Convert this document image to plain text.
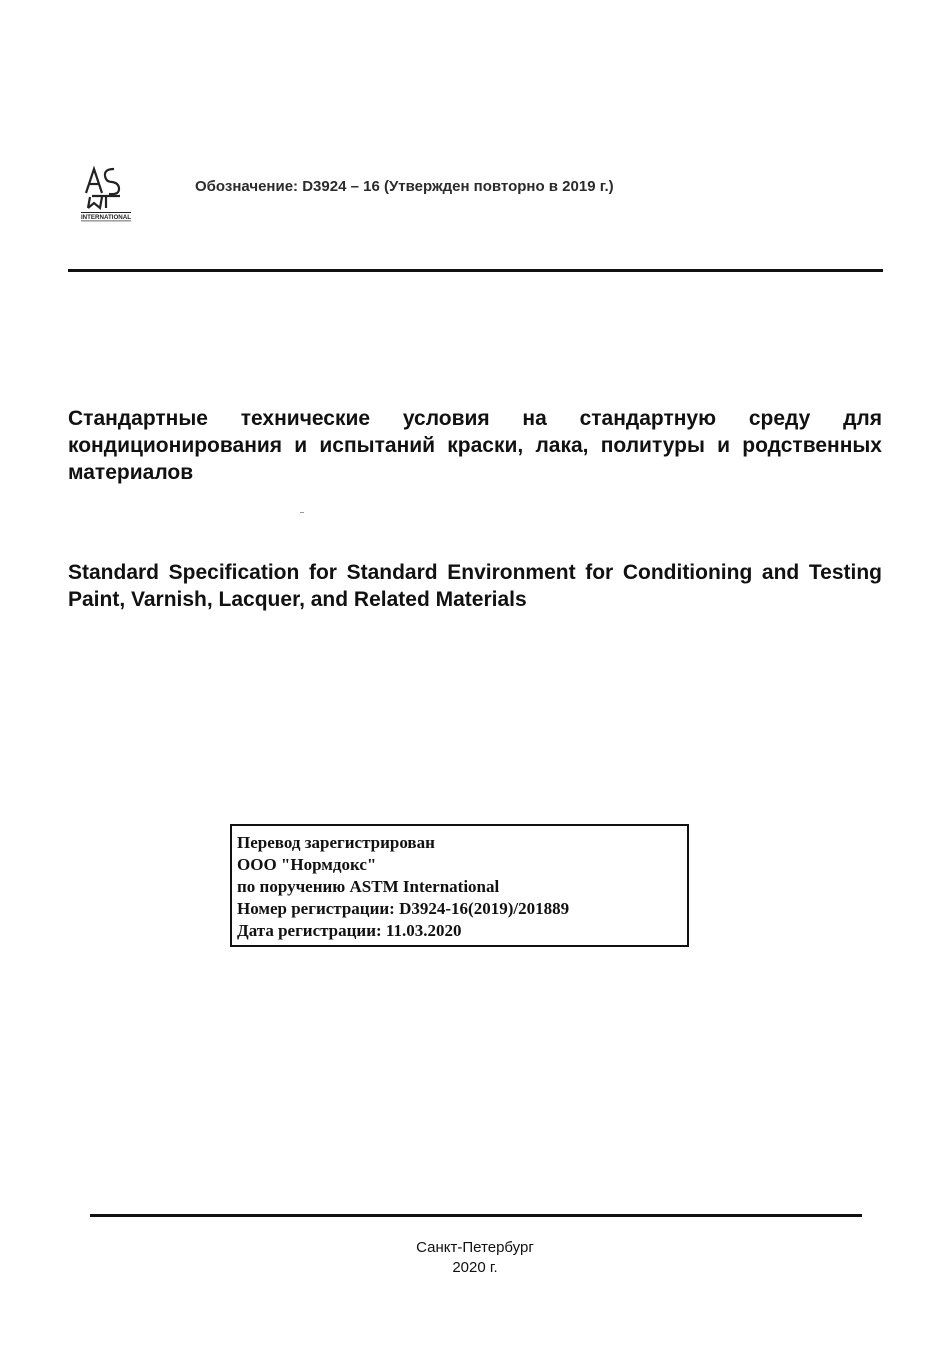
INTERNATIONAL
Обозначение: D3924 – 16 (Утвержден повторно в 2019 г.)

Стандартные технические условия на стандартную среду для кондиционирования и испытаний краски, лака, политуры и родственных материалов

Standard Specification for Standard Environment for Conditioning and Testing Paint, Varnish, Lacquer, and Related Materials

Перевод зарегистрирован
ООО "Нормдокс"
по поручению ASTM International
Номер регистрации: D3924-16(2019)/201889
Дата регистрации: 11.03.2020
Санкт-Петербург
2020 г.
